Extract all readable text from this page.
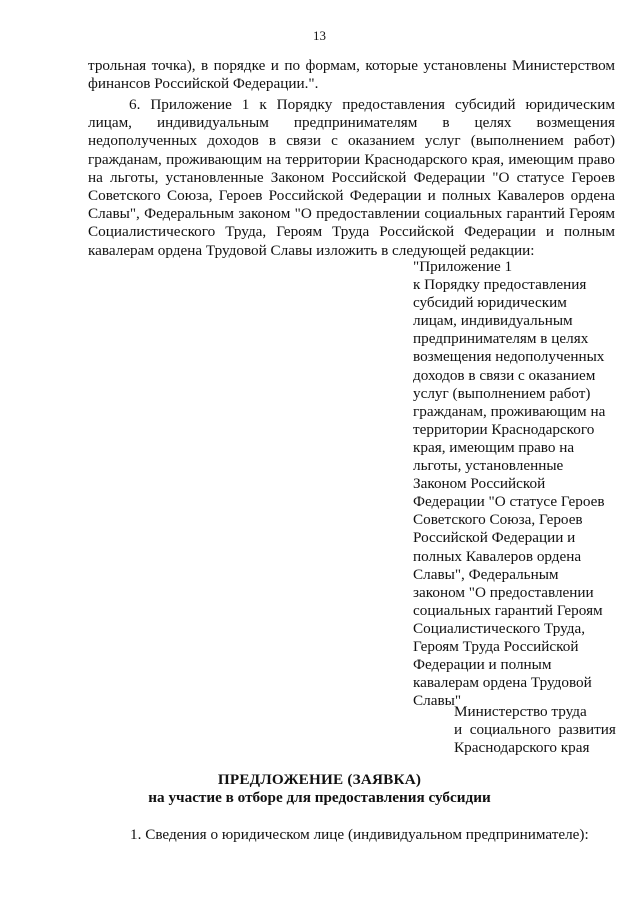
13
трольная точка), в порядке и по формам, которые установлены Министерством финансов Российской Федерации.".
6. Приложение 1 к Порядку предоставления субсидий юридическим лицам, индивидуальным предпринимателям в целях возмещения недополученных доходов в связи с оказанием услуг (выполнением работ) гражданам, проживающим на территории Краснодарского края, имеющим право на льготы, установленные Законом Российской Федерации "О статусе Героев Советского Союза, Героев Российской Федерации и полных Кавалеров ордена Славы", Федеральным законом "О предоставлении социальных гарантий Героям Социалистического Труда, Героям Труда Российской Федерации и полным кавалерам ордена Трудовой Славы изложить в следующей редакции:
"Приложение 1
к Порядку предоставления
субсидий юридическим
лицам, индивидуальным
предпринимателям в целях
возмещения недополученных
доходов в связи с оказанием
услуг (выполнением работ)
гражданам, проживающим на
территории Краснодарского
края, имеющим право на
льготы, установленные
Законом Российской
Федерации "О статусе Героев
Советского Союза, Героев
Российской Федерации и
полных Кавалеров ордена
Славы", Федеральным
законом "О предоставлении
социальных гарантий Героям
Социалистического Труда,
Героям Труда Российской
Федерации и полным
кавалерам ордена Трудовой
Славы"
Министерство труда
и  социального  развития
Краснодарского края
ПРЕДЛОЖЕНИЕ (ЗАЯВКА)
на участие в отборе для предоставления субсидии
1. Сведения о юридическом лице (индивидуальном предпринимателе):
